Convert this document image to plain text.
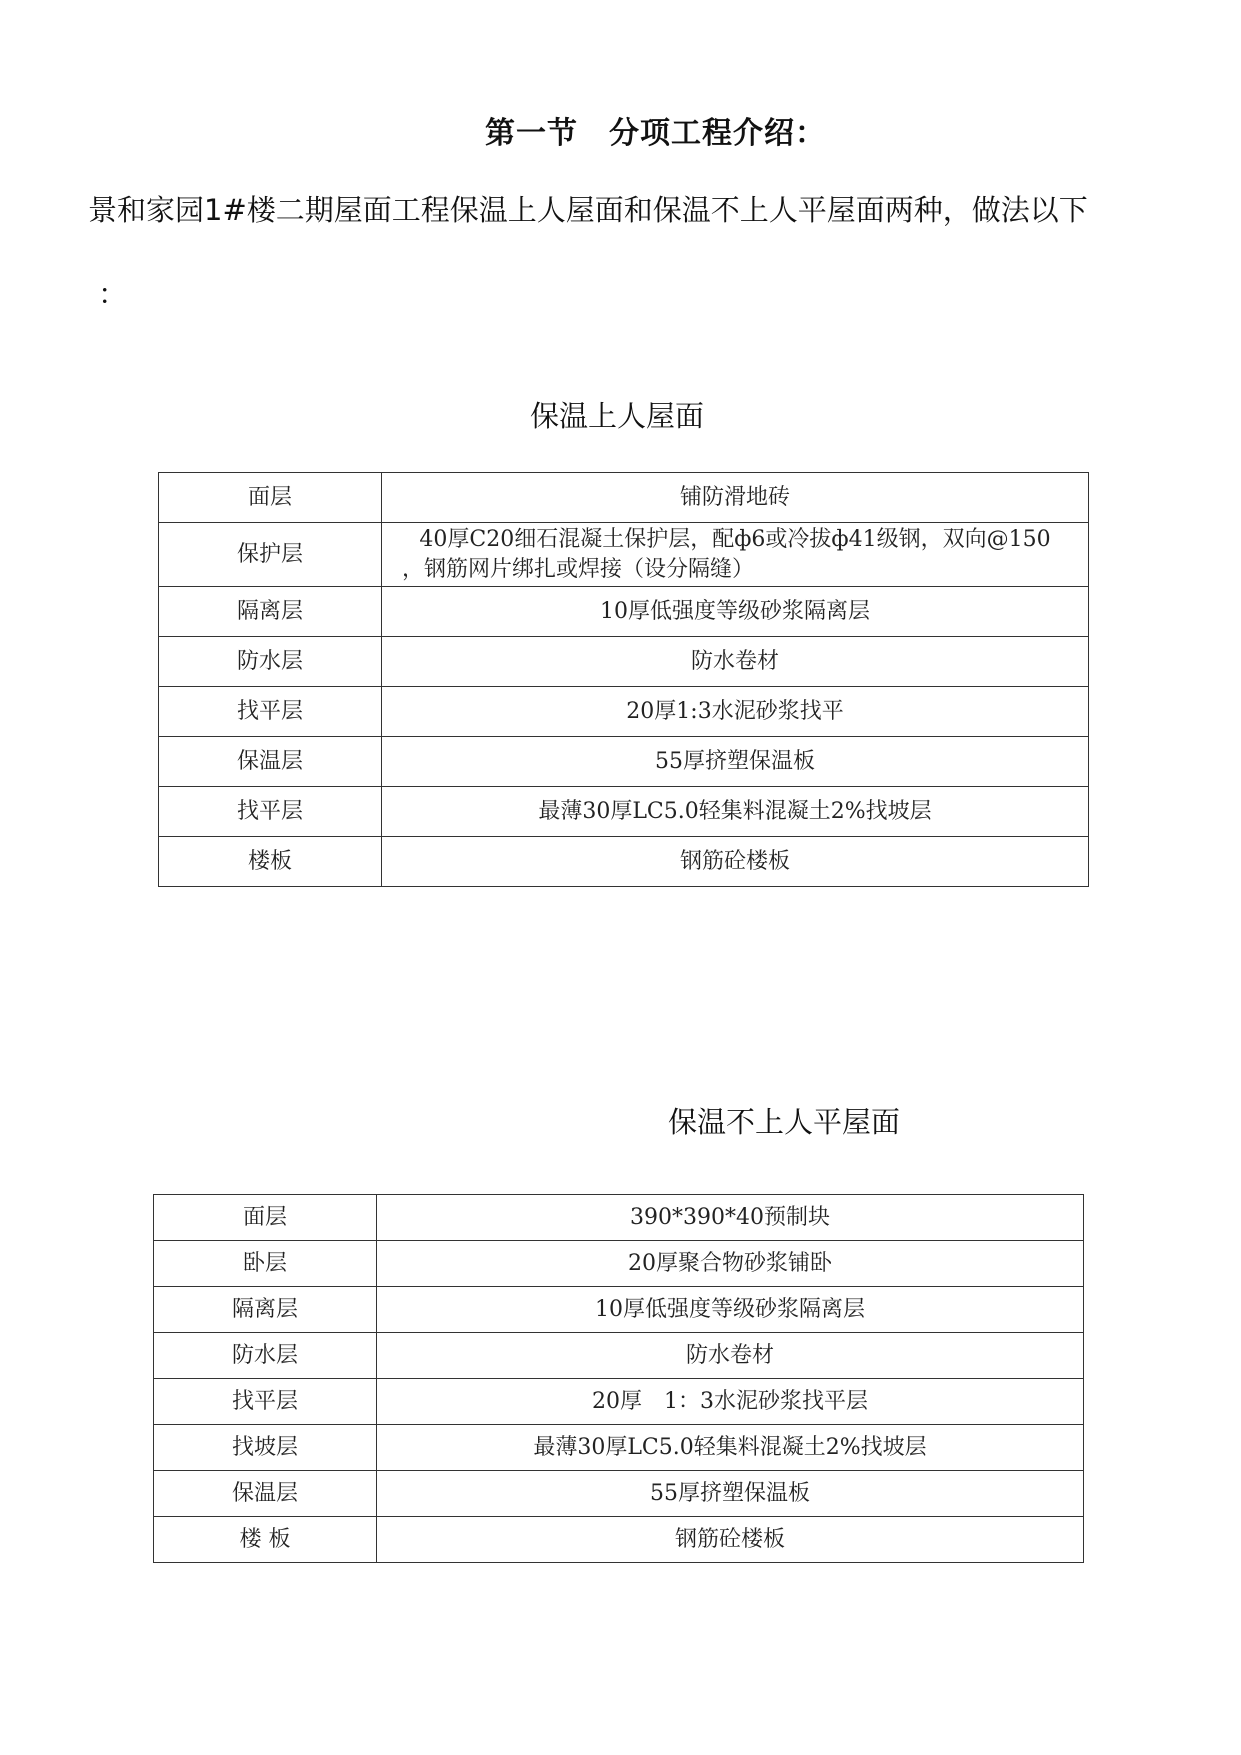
第一节　分项工程介绍：
景和家园1#楼二期屋面工程保温上人屋面和保温不上人平屋面两种，做法以下
：
保温上人屋面
面层	铺防滑地砖
保护层	40厚C20细石混凝土保护层，配ф6或冷拔ф41级钢，双向@150
，钢筋网片绑扎或焊接（设分隔缝）

隔离层	10厚低强度等级砂浆隔离层
防水层	防水卷材
找平层	20厚1:3水泥砂浆找平
保温层	55厚挤塑保温板
找平层	最薄30厚LC5.0轻集料混凝土2%找坡层
楼板	钢筋砼楼板
保温不上人平屋面
面层	390*390*40预制块
卧层	20厚聚合物砂浆铺卧
隔离层	10厚低强度等级砂浆隔离层
防水层	防水卷材
找平层	20厚　1：3水泥砂浆找平层
找坡层	最薄30厚LC5.0轻集料混凝土2%找坡层
保温层	55厚挤塑保温板
楼 板	钢筋砼楼板
